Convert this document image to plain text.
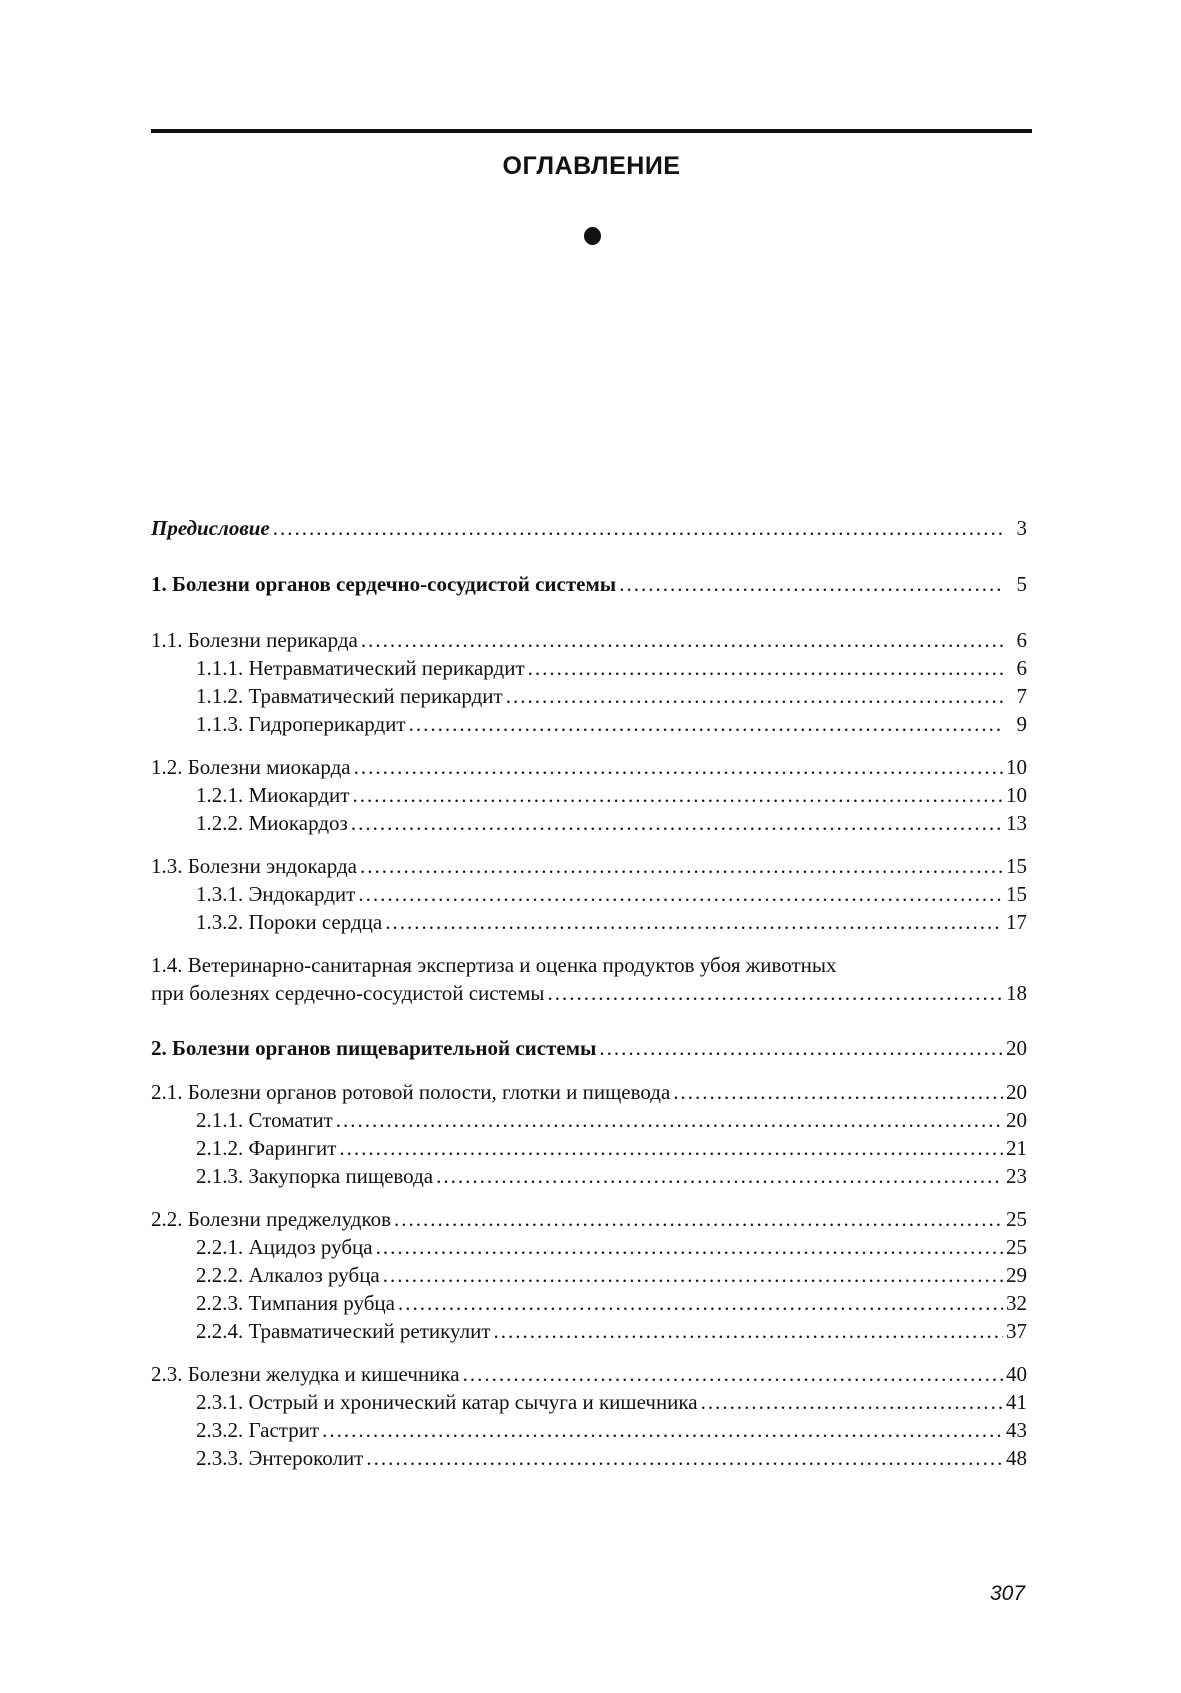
ОГЛАВЛЕНИЕ
Предисловие .....	3
1. Болезни органов сердечно-сосудистой системы .....	5
1.1. Болезни перикарда .....	6
1.1.1. Нетравматический перикардит .....	6
1.1.2. Травматический перикардит .....	7
1.1.3. Гидроперикардит .....	9
1.2. Болезни миокарда .....	10
1.2.1. Миокардит .....	10
1.2.2. Миокардоз .....	13
1.3. Болезни эндокарда .....	15
1.3.1. Эндокардит .....	15
1.3.2. Пороки сердца .....	17
1.4. Ветеринарно-санитарная экспертиза и оценка продуктов убоя животных
при болезнях сердечно-сосудистой системы .....	18
2. Болезни органов пищеварительной системы .....	20
2.1. Болезни органов ротовой полости, глотки и пищевода .....	20
2.1.1. Стоматит .....	20
2.1.2. Фарингит .....	21
2.1.3. Закупорка пищевода .....	23
2.2. Болезни преджелудков .....	25
2.2.1. Ацидоз рубца .....	25
2.2.2. Алкалоз рубца .....	29
2.2.3. Тимпания рубца .....	32
2.2.4. Травматический ретикулит .....	37
2.3. Болезни желудка и кишечника .....	40
2.3.1. Острый и хронический катар сычуга и кишечника .....	41
2.3.2. Гастрит .....	43
2.3.3. Энтероколит .....	48
307
